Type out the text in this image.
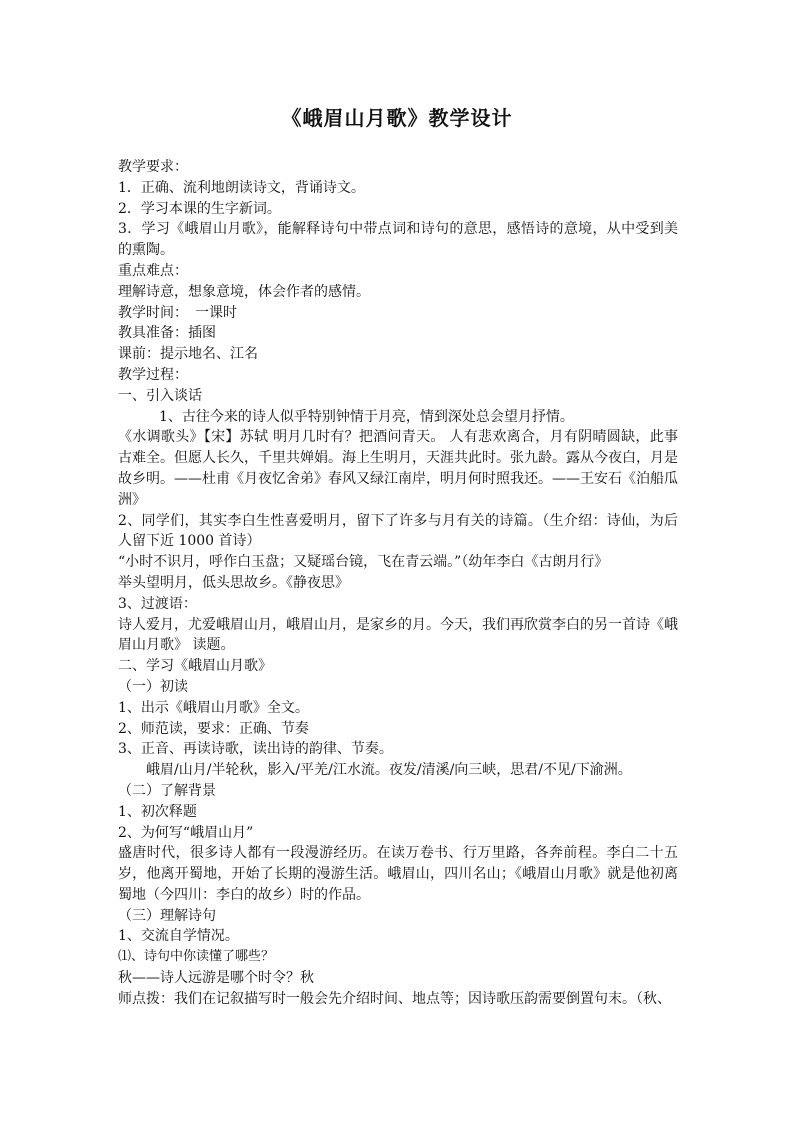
《峨眉山月歌》教学设计

教学要求：

1．正确、流利地朗读诗文，背诵诗文。

2．学习本课的生字新词。

3．学习《峨眉山月歌》，能解释诗句中带点词和诗句的意思，感悟诗的意境，从中受到美的熏陶。

重点难点：

理解诗意，想象意境，体会作者的感情。

教学时间：　一课时

教具准备：插图

课前：提示地名、江名

教学过程：

一、引入谈话

1、古往今来的诗人似乎特别钟情于月亮，情到深处总会望月抒情。

《水调歌头》【宋】苏轼 明月几时有？把酒问青天。 人有悲欢离合，月有阴晴圆缺，此事古难全。但愿人长久，千里共婵娟。海上生明月，天涯共此时。张九龄。露从今夜白，月是故乡明。——杜甫《月夜忆舍弟》春风又绿江南岸，明月何时照我还。——王安石《泊船瓜洲》

2、同学们，其实李白生性喜爱明月，留下了许多与月有关的诗篇。（生介绍：诗仙，为后人留下近 1000 首诗）

“小时不识月，呼作白玉盘；又疑瑶台镜，飞在青云端。”（幼年李白《古朗月行》

举头望明月，低头思故乡。《静夜思》

3、过渡语：

诗人爱月，尤爱峨眉山月，峨眉山月，是家乡的月。今天，我们再欣赏李白的另一首诗《峨眉山月歌》 读题。

二、学习《峨眉山月歌》

（一）初读

1、出示《峨眉山月歌》全文。

2、师范读，要求：正确、节奏

3、正音、再读诗歌，读出诗的韵律、节奏。

峨眉/山月/半轮秋，影入/平羌/江水流。夜发/清溪/向三峡，思君/不见/下渝洲。

（二）了解背景

1、初次释题

2、为何写“峨眉山月”

盛唐时代，很多诗人都有一段漫游经历。在读万卷书、行万里路，各奔前程。李白二十五岁，他离开蜀地，开始了长期的漫游生活。峨眉山，四川名山；《峨眉山月歌》就是他初离蜀地（今四川：李白的故乡）时的作品。

（三）理解诗句

1、交流自学情况。

⑴、诗句中你读懂了哪些？

秋——诗人远游是哪个时令？秋

师点拨：我们在记叙描写时一般会先介绍时间、地点等；因诗歌压韵需要倒置句末。（秋、
